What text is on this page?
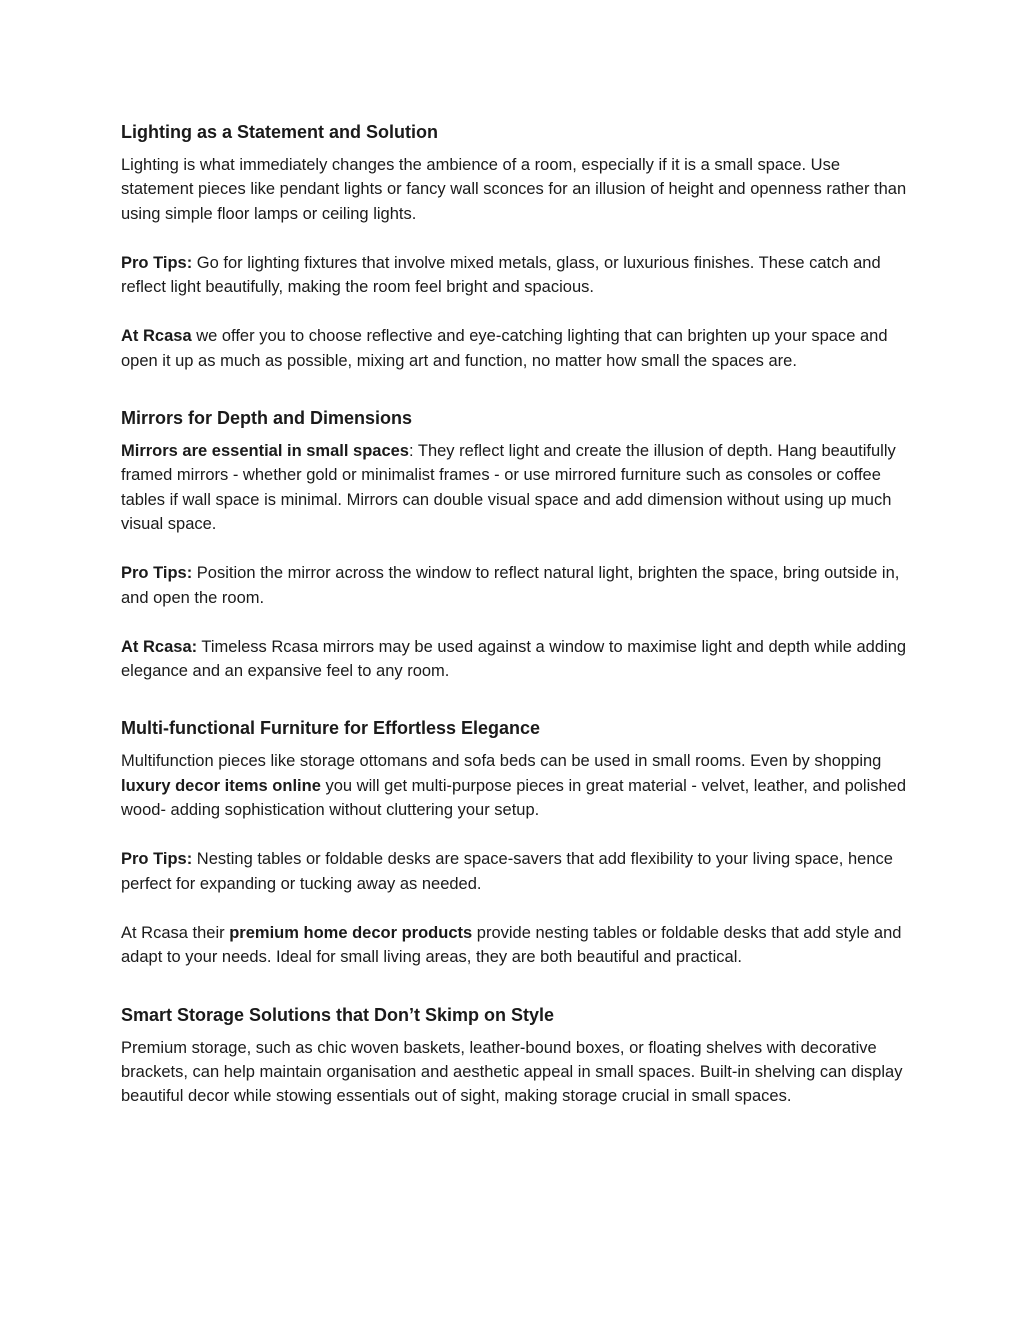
Lighting as a Statement and Solution

Lighting is what immediately changes the ambience of a room, especially if it is a small space. Use statement pieces like pendant lights or fancy wall sconces for an illusion of height and openness rather than using simple floor lamps or ceiling lights.

Pro Tips: Go for lighting fixtures that involve mixed metals, glass, or luxurious finishes. These catch and reflect light beautifully, making the room feel bright and spacious.

At Rcasa we offer you to choose reflective and eye-catching lighting that can brighten up your space and open it up as much as possible, mixing art and function, no matter how small the spaces are.

Mirrors for Depth and Dimensions

Mirrors are essential in small spaces: They reflect light and create the illusion of depth. Hang beautifully framed mirrors - whether gold or minimalist frames - or use mirrored furniture such as consoles or coffee tables if wall space is minimal. Mirrors can double visual space and add dimension without using up much visual space.

Pro Tips: Position the mirror across the window to reflect natural light, brighten the space, bring outside in, and open the room.

At Rcasa: Timeless Rcasa mirrors may be used against a window to maximise light and depth while adding elegance and an expansive feel to any room.

Multi-functional Furniture for Effortless Elegance

Multifunction pieces like storage ottomans and sofa beds can be used in small rooms. Even by shopping luxury decor items online you will get multi-purpose pieces in great material - velvet, leather, and polished wood- adding sophistication without cluttering your setup.

Pro Tips: Nesting tables or foldable desks are space-savers that add flexibility to your living space, hence perfect for expanding or tucking away as needed.

At Rcasa their premium home decor products provide nesting tables or foldable desks that add style and adapt to your needs. Ideal for small living areas, they are both beautiful and practical.

Smart Storage Solutions that Don’t Skimp on Style

Premium storage, such as chic woven baskets, leather-bound boxes, or floating shelves with decorative brackets, can help maintain organisation and aesthetic appeal in small spaces. Built-in shelving can display beautiful decor while stowing essentials out of sight, making storage crucial in small spaces.
